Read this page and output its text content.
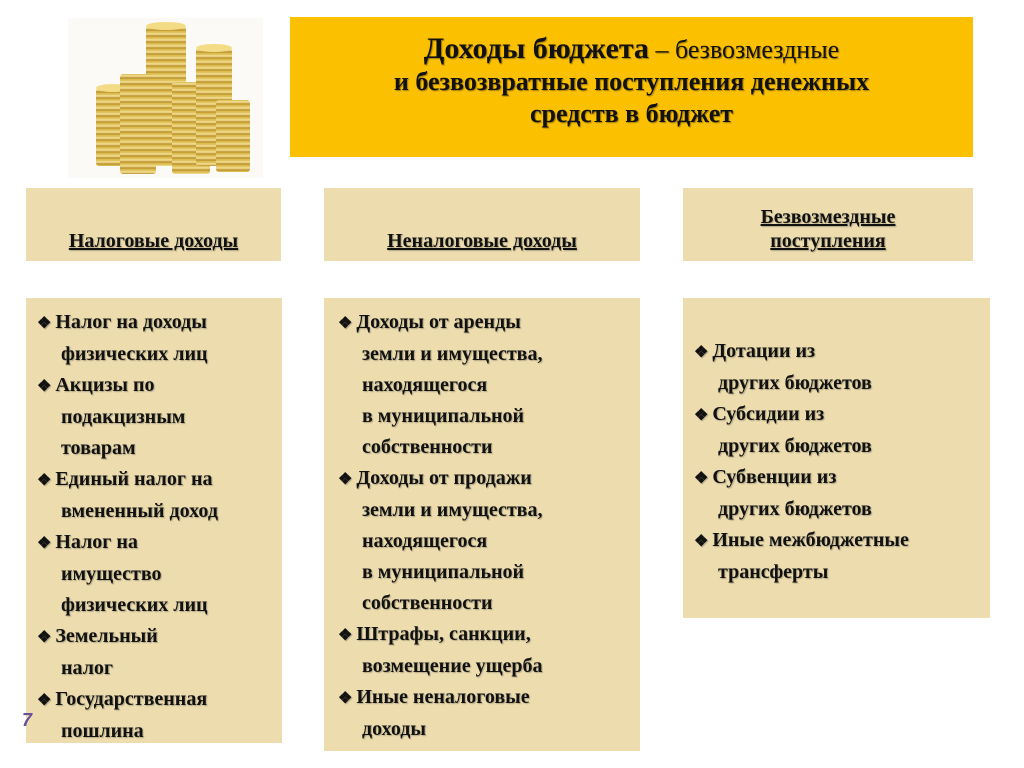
Доходы бюджета – безвозмездные
и безвозвратные поступления денежных
средств в бюджет
Налоговые доходы	Неналоговые доходы
Безвозмездные
поступления
❖ Налог на доходы
физических лиц
❖ Акцизы по
подакцизным
товарам
❖ Единый налог на
вмененный доход
❖ Налог на
имущество
физических лиц
❖ Земельный
налог
❖ Государственная
пошлина
❖ Доходы от аренды
земли и имущества,
находящегося
в муниципальной
собственности
❖ Доходы от продажи
земли и имущества,
находящегося
в муниципальной
собственности
❖ Штрафы, санкции,
возмещение ущерба
❖ Иные неналоговые
доходы
❖ Дотации из
других бюджетов
❖ Субсидии из
других бюджетов
❖ Субвенции из
других бюджетов
❖ Иные межбюджетные
трансферты
7
